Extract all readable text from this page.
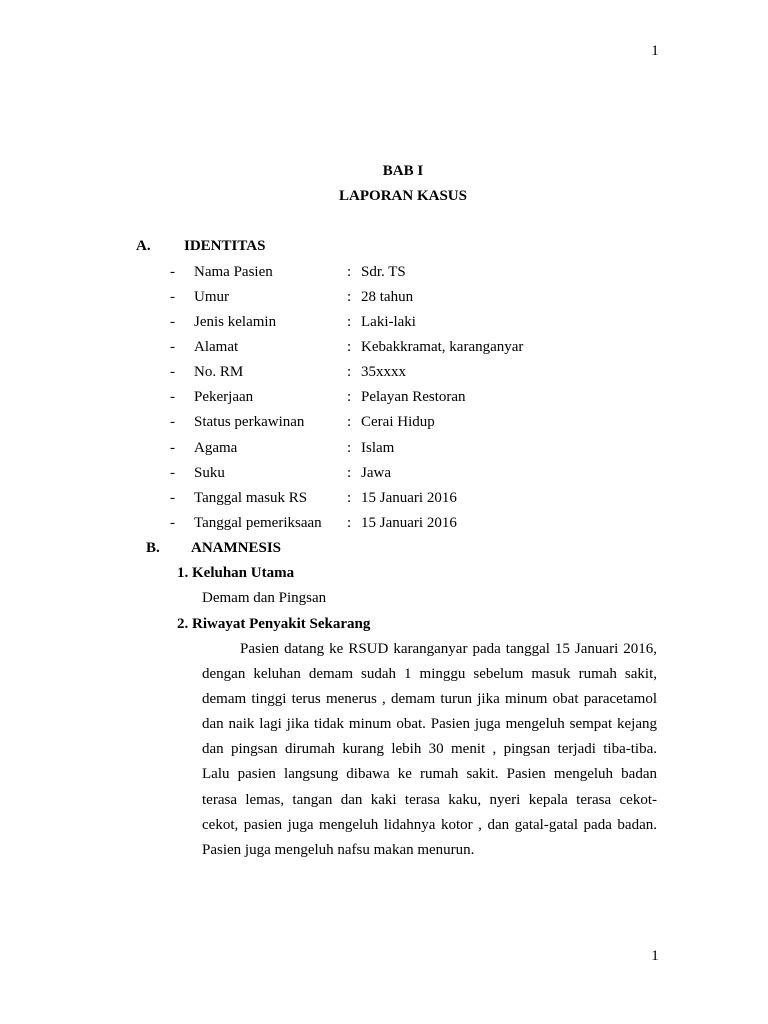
1
BAB I
LAPORAN KASUS
A. IDENTITAS
- Nama Pasien	: Sdr. TS
- Umur	: 28 tahun
- Jenis kelamin	: Laki-laki
- Alamat	: Kebakkramat, karanganyar
- No. RM	: 35xxxx
- Pekerjaan	: Pelayan Restoran
- Status perkawinan	: Cerai Hidup
- Agama	: Islam
- Suku	: Jawa
- Tanggal masuk RS	: 15 Januari 2016
- Tanggal pemeriksaan : 15 Januari 2016
B. ANAMNESIS
1. Keluhan Utama
Demam dan Pingsan
2. Riwayat Penyakit Sekarang
Pasien datang ke RSUD karanganyar pada tanggal 15 Januari 2016,
dengan keluhan demam sudah 1 minggu sebelum masuk rumah sakit,
demam tinggi terus menerus , demam turun jika minum obat paracetamol
dan naik lagi jika tidak minum obat. Pasien juga mengeluh sempat kejang
dan pingsan dirumah kurang lebih 30 menit , pingsan terjadi tiba-tiba.
Lalu pasien langsung dibawa ke rumah sakit. Pasien mengeluh badan
terasa lemas, tangan dan kaki terasa kaku, nyeri kepala terasa cekot-
cekot, pasien juga mengeluh lidahnya kotor , dan gatal-gatal pada badan.
Pasien juga mengeluh nafsu makan menurun.
1
